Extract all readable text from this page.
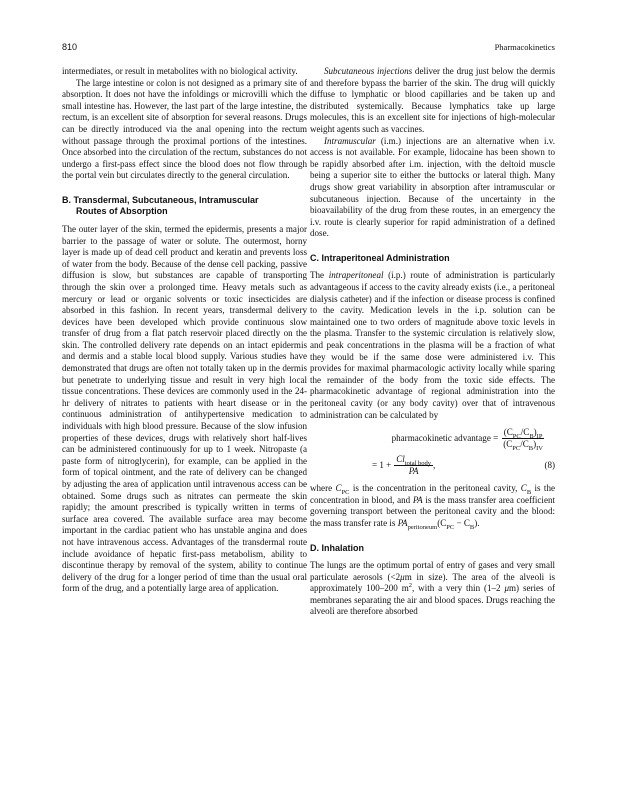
810	Pharmacokinetics

intermediates, or result in metabolites with no biological activity.

The large intestine or colon is not designed as a primary site of absorption. It does not have the infoldings or microvilli which the small intestine has. However, the last part of the large intestine, the rectum, is an excellent site of absorption for several reasons. Drugs can be directly introduced via the anal opening into the rectum without passage through the proximal portions of the intestines. Once absorbed into the circulation of the rectum, substances do not undergo a first-pass effect since the blood does not flow through the portal vein but circulates directly to the general circulation.

B. Transdermal, Subcutaneous, Intramuscular
Routes of Absorption

The outer layer of the skin, termed the epidermis, presents a major barrier to the passage of water or solute. The outermost, horny layer is made up of dead cell product and keratin and prevents loss of water from the body. Because of the dense cell packing, passive diffusion is slow, but substances are capable of transporting through the skin over a prolonged time. Heavy metals such as mercury or lead or organic solvents or toxic insecticides are absorbed in this fashion. In recent years, transdermal delivery devices have been developed which provide continuous slow transfer of drug from a flat patch reservoir placed directly on the skin. The controlled delivery rate depends on an intact epidermis and dermis and a stable local blood supply. Various studies have demonstrated that drugs are often not totally taken up in the dermis but penetrate to underlying tissue and result in very high local tissue concentrations. These devices are commonly used in the 24-hr delivery of nitrates to patients with heart disease or in the continuous administration of antihypertensive medication to individuals with high blood pressure. Because of the slow infusion properties of these devices, drugs with relatively short half-lives can be administered continuously for up to 1 week. Nitropaste (a paste form of nitroglycerin), for example, can be applied in the form of topical ointment, and the rate of delivery can be changed by adjusting the area of application until intravenous access can be obtained. Some drugs such as nitrates can permeate the skin rapidly; the amount prescribed is typically written in terms of surface area covered. The available surface area may become important in the cardiac patient who has unstable angina and does not have intravenous access. Advantages of the transdermal route include avoidance of hepatic first-pass metabolism, ability to discontinue therapy by removal of the system, ability to continue delivery of the drug for a longer period of time than the usual oral form of the drug, and a potentially large area of application.

Subcutaneous injections deliver the drug just below the dermis and therefore bypass the barrier of the skin. The drug will quickly diffuse to lymphatic or blood capillaries and be taken up and distributed systemically. Because lymphatics take up large molecules, this is an excellent site for injections of high-molecular weight agents such as vaccines.

Intramuscular (i.m.) injections are an alternative when i.v. access is not available. For example, lidocaine has been shown to be rapidly absorbed after i.m. injection, with the deltoid muscle being a superior site to either the buttocks or lateral thigh. Many drugs show great variability in absorption after intramuscular or subcutaneous injection. Because of the uncertainty in the bioavailability of the drug from these routes, in an emergency the i.v. route is clearly superior for rapid administration of a defined dose.

C. Intraperitoneal Administration

The intraperitoneal (i.p.) route of administration is particularly advantageous if access to the cavity already exists (i.e., a peritoneal dialysis catheter) and if the infection or disease process is confined to the cavity. Medication levels in the i.p. solution can be maintained one to two orders of magnitude above toxic levels in the plasma. Transfer to the systemic circulation is relatively slow, and peak concentrations in the plasma will be a fraction of what they would be if the same dose were administered i.v. This provides for maximal pharmacologic activity locally while sparing the remainder of the body from the toxic side effects. The pharmacokinetic advantage of regional administration into the peritoneal cavity (or any body cavity) over that of intravenous administration can be calculated by

pharmacokinetic advantage = $\frac{(C_{PC}/C_B)_{IP}}{(C_{PC}/C_B)_{IV}}$
= $1 + \frac{Cl_{total body}}{PA}$ ,	(8)

where $C_{PC}$ is the concentration in the peritoneal cavity, $C_B$ is the concentration in blood, and PA is the mass transfer area coefficient governing transport between the peritoneal cavity and the blood: the mass transfer rate is $PA_{peritoneum}(C_{PC} - C_B)$.

D. Inhalation

The lungs are the optimum portal of entry of gases and very small particulate aerosols (<2μm in size). The area of the alveoli is approximately 100–200 $m^2$, with a very thin (1–2 μm) series of membranes separating the air and blood spaces. Drugs reaching the alveoli are therefore absorbed
